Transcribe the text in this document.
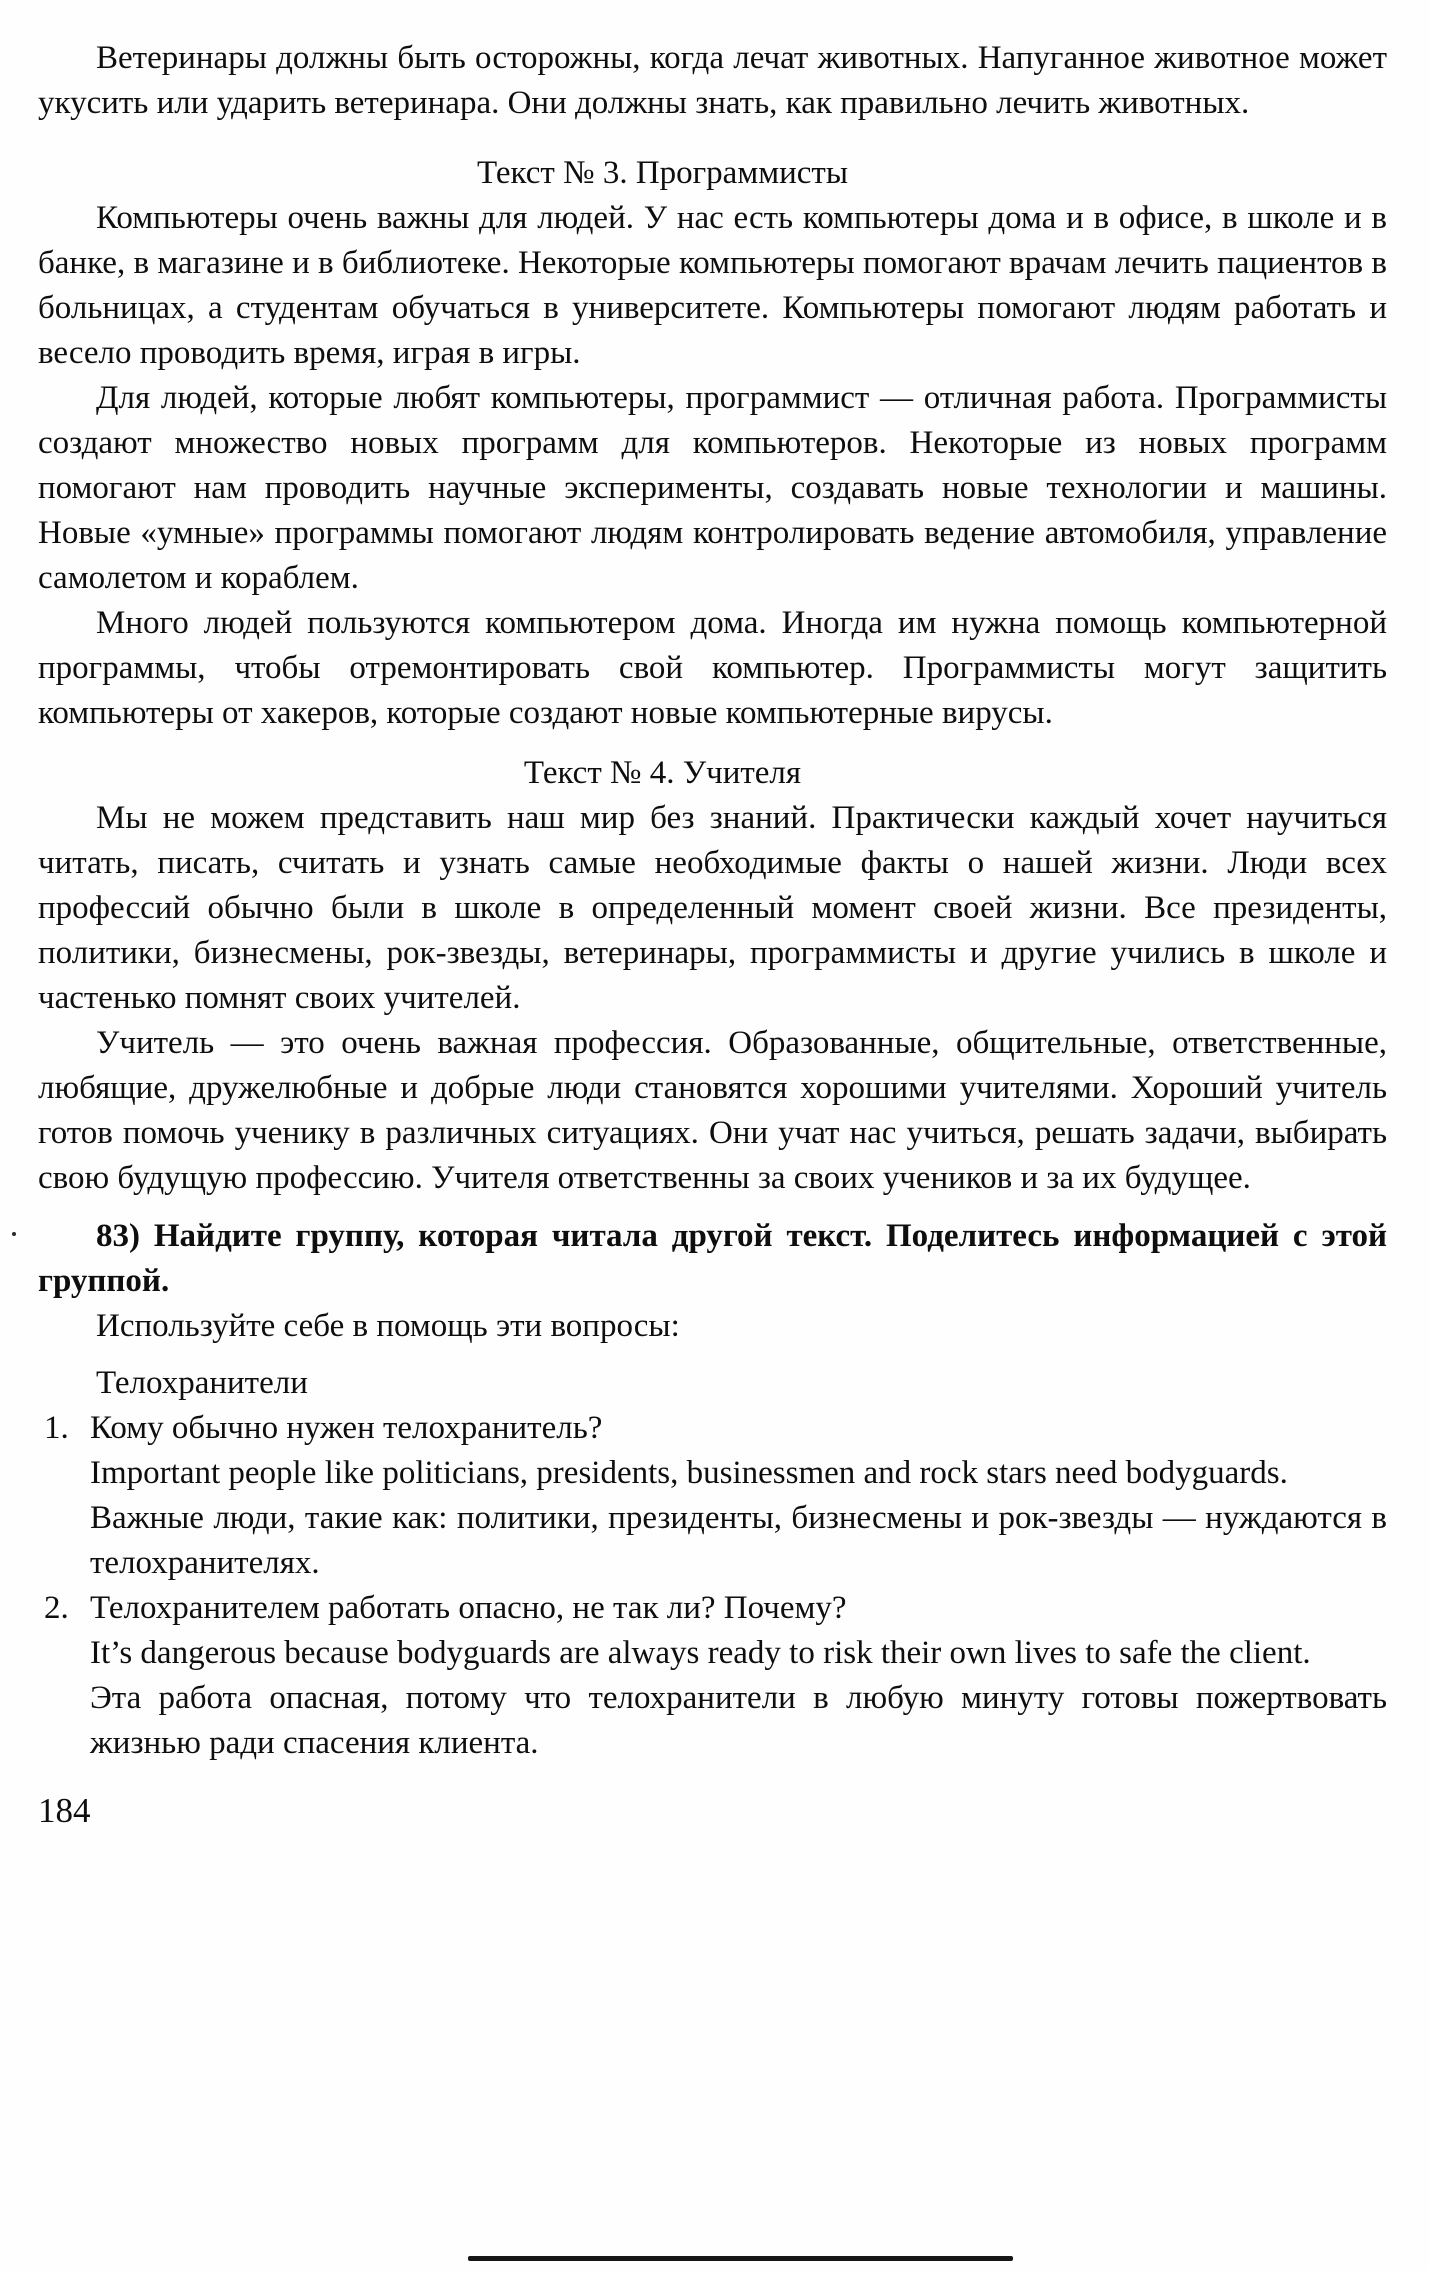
Ветеринары должны быть осторожны, когда лечат животных. Напуганное животное может укусить или ударить ветеринара. Они должны знать, как правильно лечить животных.

Текст № 3. Программисты

Компьютеры очень важны для людей. У нас есть компьютеры дома и в офисе, в школе и в банке, в магазине и в библиотеке. Некоторые компьютеры помогают врачам лечить пациентов в больницах, а студентам обучаться в университете. Компьютеры помогают людям работать и весело проводить время, играя в игры.

Для людей, которые любят компьютеры, программист — отличная работа. Программисты создают множество новых программ для компьютеров. Некоторые из новых программ помогают нам проводить научные эксперименты, создавать новые технологии и машины. Новые «умные» программы помогают людям контролировать ведение автомобиля, управление самолетом и кораблем.

Много людей пользуются компьютером дома. Иногда им нужна помощь компьютерной программы, чтобы отремонтировать свой компьютер. Программисты могут защитить компьютеры от хакеров, которые создают новые компьютерные вирусы.

Текст № 4. Учителя

Мы не можем представить наш мир без знаний. Практически каждый хочет научиться читать, писать, считать и узнать самые необходимые факты о нашей жизни. Люди всех профессий обычно были в школе в определенный момент своей жизни. Все президенты, политики, бизнесмены, рок-звезды, ветеринары, программисты и другие учились в школе и частенько помнят своих учителей.

Учитель — это очень важная профессия. Образованные, общительные, ответственные, любящие, дружелюбные и добрые люди становятся хорошими учителями. Хороший учитель готов помочь ученику в различных ситуациях. Они учат нас учиться, решать задачи, выбирать свою будущую профессию. Учителя ответственны за своих учеников и за их будущее.

83) Найдите группу, которая читала другой текст. Поделитесь информацией с этой группой.

Используйте себе в помощь эти вопросы:

Телохранители

1. Кому обычно нужен телохранитель?

Important people like politicians, presidents, businessmen and rock stars need bodyguards.

Важные люди, такие как: политики, президенты, бизнесмены и рок-звезды — нуждаются в телохранителях.

2. Телохранителем работать опасно, не так ли? Почему?

It’s dangerous because bodyguards are always ready to risk their own lives to safe the client.

Эта работа опасная, потому что телохранители в любую минуту готовы пожертвовать жизнью ради спасения клиента.

184
